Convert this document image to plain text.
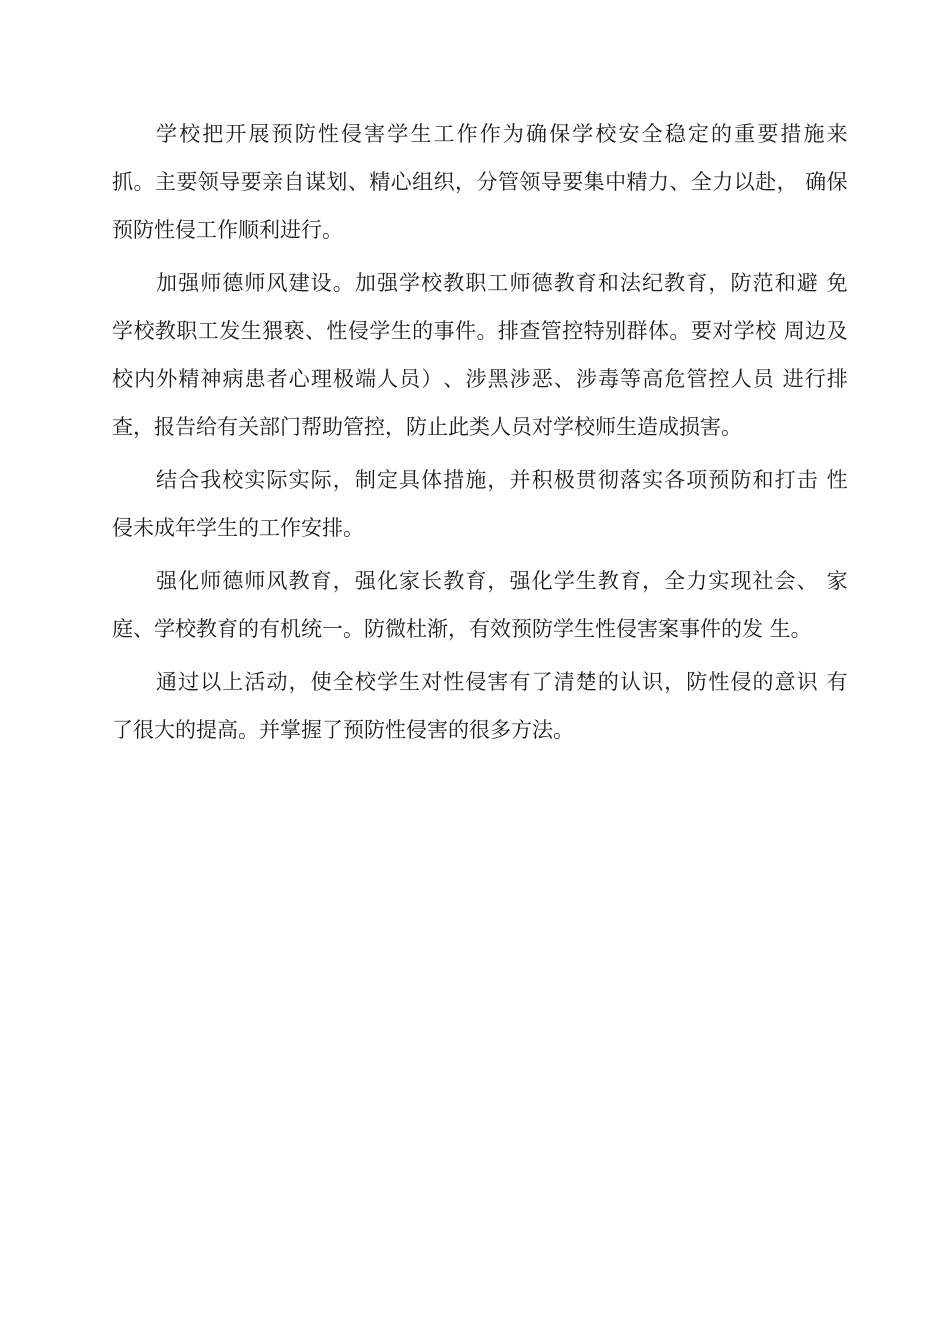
学 校 把 开 展 预 防 性 侵 害 学 生 工 作 作 为 确 保 学 校 安 全 稳 定 的 重 要 措 施 来
抓 。 主 要 领 导 要 亲 自 谋 划 、 精 心 组 织 ， 分 管 领 导 要 集 中 精 力 、 全 力 以 赴 ，
确 保
预防性侵工作顺利进行。
加 强 师 德 师 风 建 设 。 加 强 学 校 教 职 工 师 德 教 育 和 法 纪 教 育 ， 防 范 和 避
免
学 校 教 职 工 发 生 猥 亵 、 性 侵 学 生 的 事 件 。 排 查 管 控 特 别 群 体 。 要 对 学 校
周 边 及
校 内 外 精 神 病 患 者 心 理 极 端 人 员 ） 、 涉 黑 涉 恶 、 涉 毒 等 高 危 管 控 人 员
进 行 排
查，报告给有关部门帮助管控，防止此类人员对学校师生造成损害。
结 合 我 校 实 际 实 际 ， 制 定 具 体 措 施 ， 并 积 极 贯 彻 落 实 各 项 预 防 和 打 击
性
侵未成年学生的工作安排。
强 化 师 德 师 风 教 育 ， 强 化 家 长 教 育 ， 强 化 学 生 教 育 ， 全 力 实 现 社 会 、
家
庭、学校教育的有机统一。防微杜渐，有效预防学生性侵害案事件的发 生。
通 过 以 上 活 动 ， 使 全 校 学 生 对 性 侵 害 有 了 清 楚 的 认 识 ， 防 性 侵 的 意 识
有
了很大的提高。并掌握了预防性侵害的很多方法。
